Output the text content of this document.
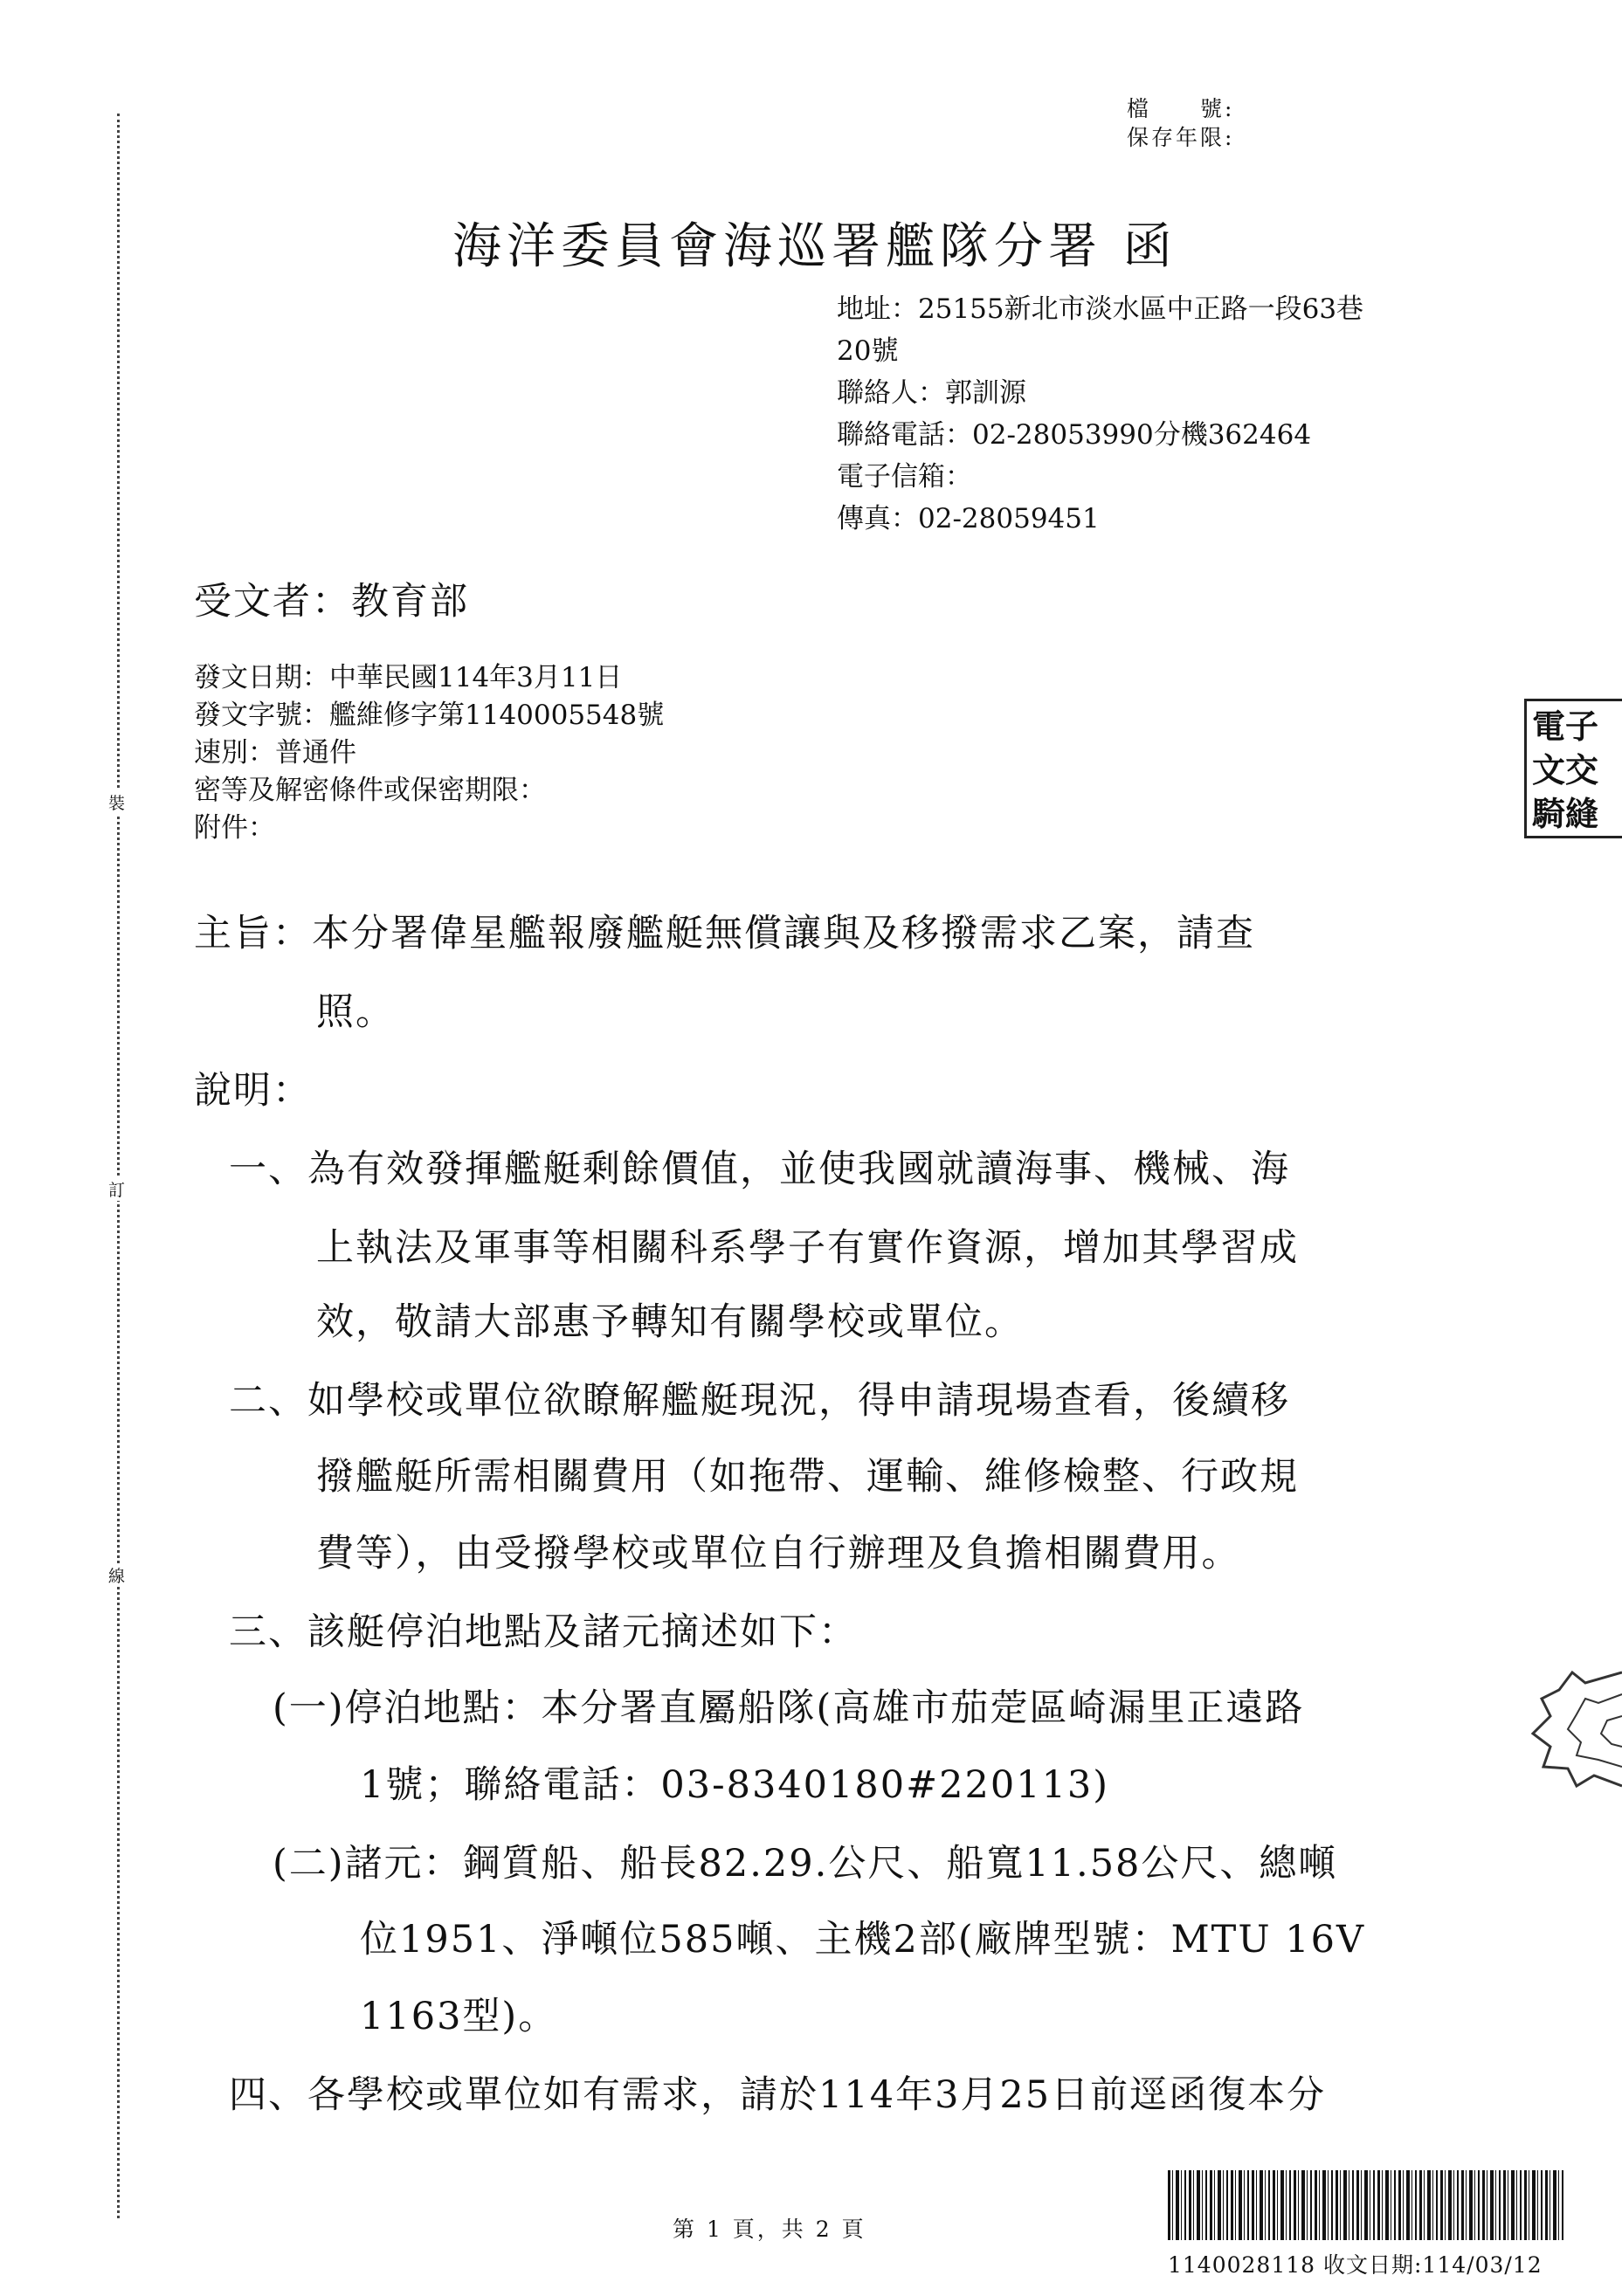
裝
訂
線
檔　　號:
保存年限:
海洋委員會海巡署艦隊分署 函
地址：25155新北市淡水區中正路一段63巷
20號
聯絡人：郭訓源
聯絡電話：02-28053990分機362464
電子信箱：
傳真：02-28059451
受文者：教育部
發文日期：中華民國114年3月11日
發文字號：艦維修字第1140005548號
速別：普通件
密等及解密條件或保密期限：
附件：
主旨：本分署偉星艦報廢艦艇無償讓與及移撥需求乙案，請查
照。
說明：
一、為有效發揮艦艇剩餘價值，並使我國就讀海事、機械、海
上執法及軍事等相關科系學子有實作資源，增加其學習成
效，敬請大部惠予轉知有關學校或單位。
二、如學校或單位欲瞭解艦艇現況，得申請現場查看，後續移
撥艦艇所需相關費用（如拖帶、運輸、維修檢整、行政規
費等），由受撥學校或單位自行辦理及負擔相關費用。
三、該艇停泊地點及諸元摘述如下：
(一)停泊地點：本分署直屬船隊(高雄市茄萣區崎漏里正遠路
1號；聯絡電話：03-8340180#220113)
(二)諸元：鋼質船、船長82.29.公尺、船寬11.58公尺、總噸
位1951、淨噸位585噸、主機2部(廠牌型號：MTU 16V
1163型)。
四、各學校或單位如有需求，請於114年3月25日前逕函復本分
電子
文交
騎縫
第 1 頁，共 2 頁
1140028118 收文日期:114/03/12
